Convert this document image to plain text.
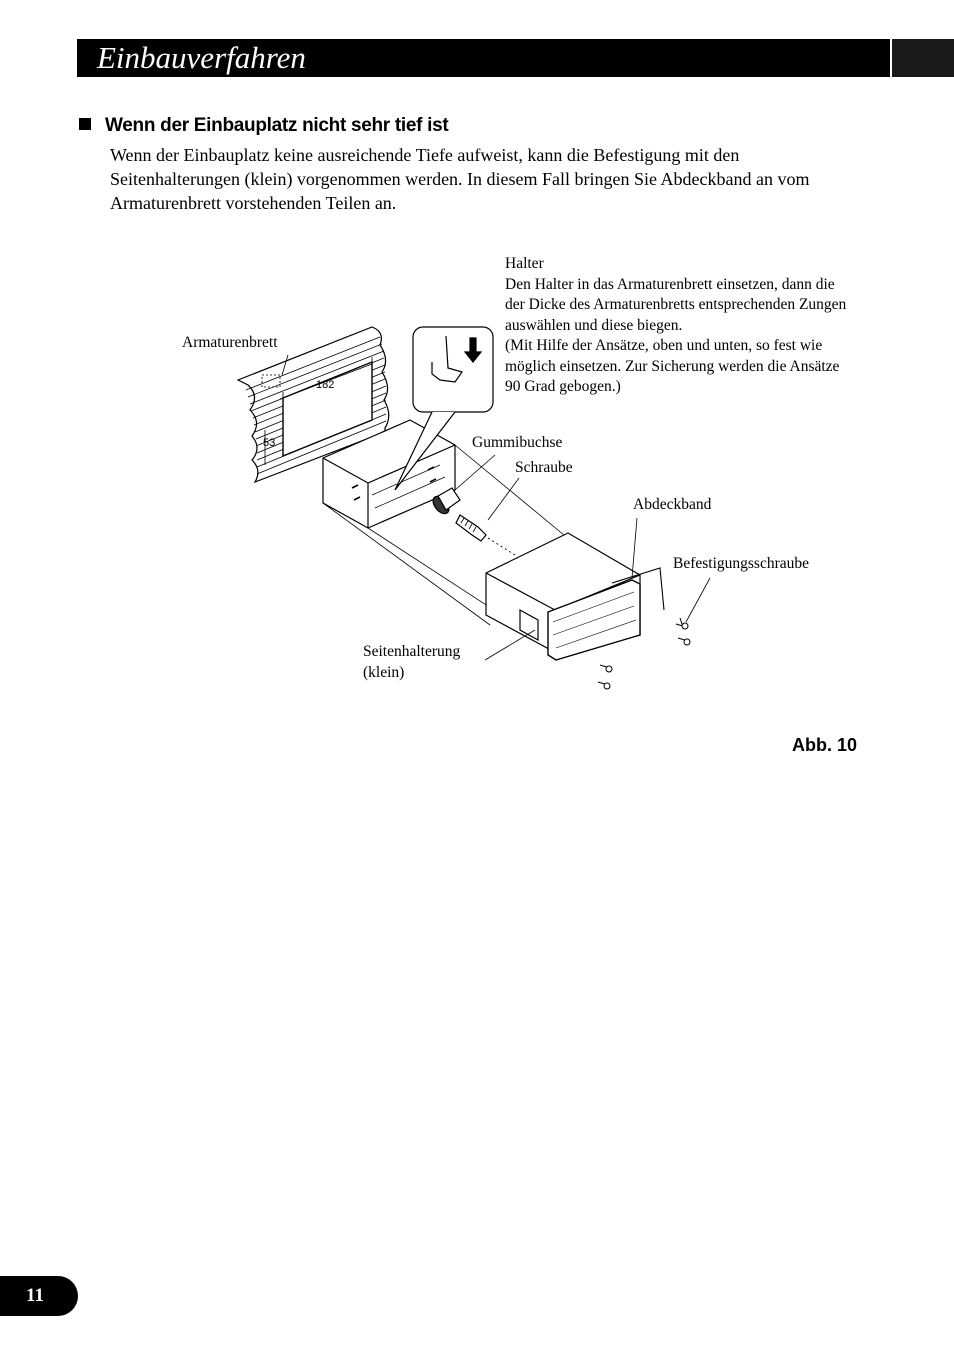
Einbauverfahren
Wenn der Einbauplatz nicht sehr tief ist
Wenn der Einbauplatz keine ausreichende Tiefe aufweist, kann die Befestigung mit den Seitenhalterungen (klein) vorgenommen werden. In diesem Fall bringen Sie Abdeckband an vom Armaturenbrett vorstehenden Teilen an.
182
53
Halter
Den Halter in das Armaturenbrett einsetzen, dann die der Dicke des Armaturenbretts entsprechenden Zungen auswählen und diese biegen.
(Mit Hilfe der Ansätze, oben und unten, so fest wie möglich einsetzen. Zur Sicherung werden die Ansätze 90 Grad gebogen.)
Armaturenbrett
Gummibuchse
Schraube
Abdeckband
Befestigungsschraube
Seitenhalterung (klein)
Abb. 10
11
